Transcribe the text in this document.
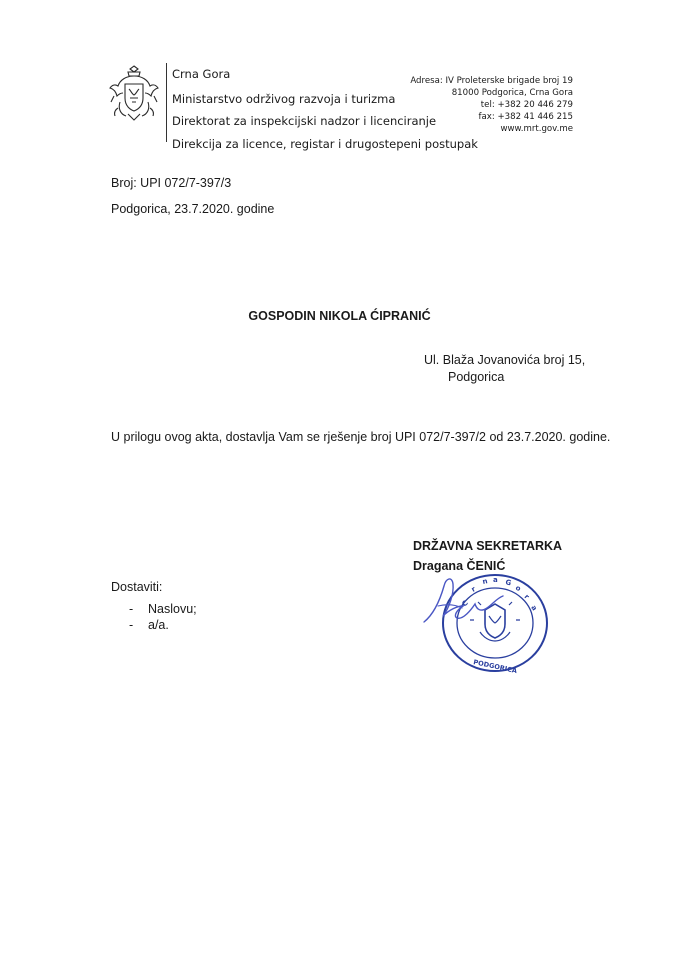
Crna Gora
Ministarstvo održivog razvoja i turizma
Direktorat za inspekcijski nadzor i licenciranje
Direkcija za licence, registar i drugostepeni postupak
Adresa: IV Proleterske brigade broj 19
81000 Podgorica, Crna Gora
tel: +382 20 446 279
fax: +382 41 446 215
www.mrt.gov.me
Broj: UPI 072/7-397/3
Podgorica, 23.7.2020. godine
GOSPODIN NIKOLA ĆIPRANIĆ
Ul. Blaža Jovanovića broj 15,
Podgorica
U prilogu ovog akta, dostavlja Vam se rješenje broj UPI 072/7-397/2 od 23.7.2020. godine.
DRŽAVNA SEKRETARKA
Dragana ČENIĆ
C
r
n a G
o
r
a
PODGORICA
Dostaviti:
- Naslovu;
- a/a.
